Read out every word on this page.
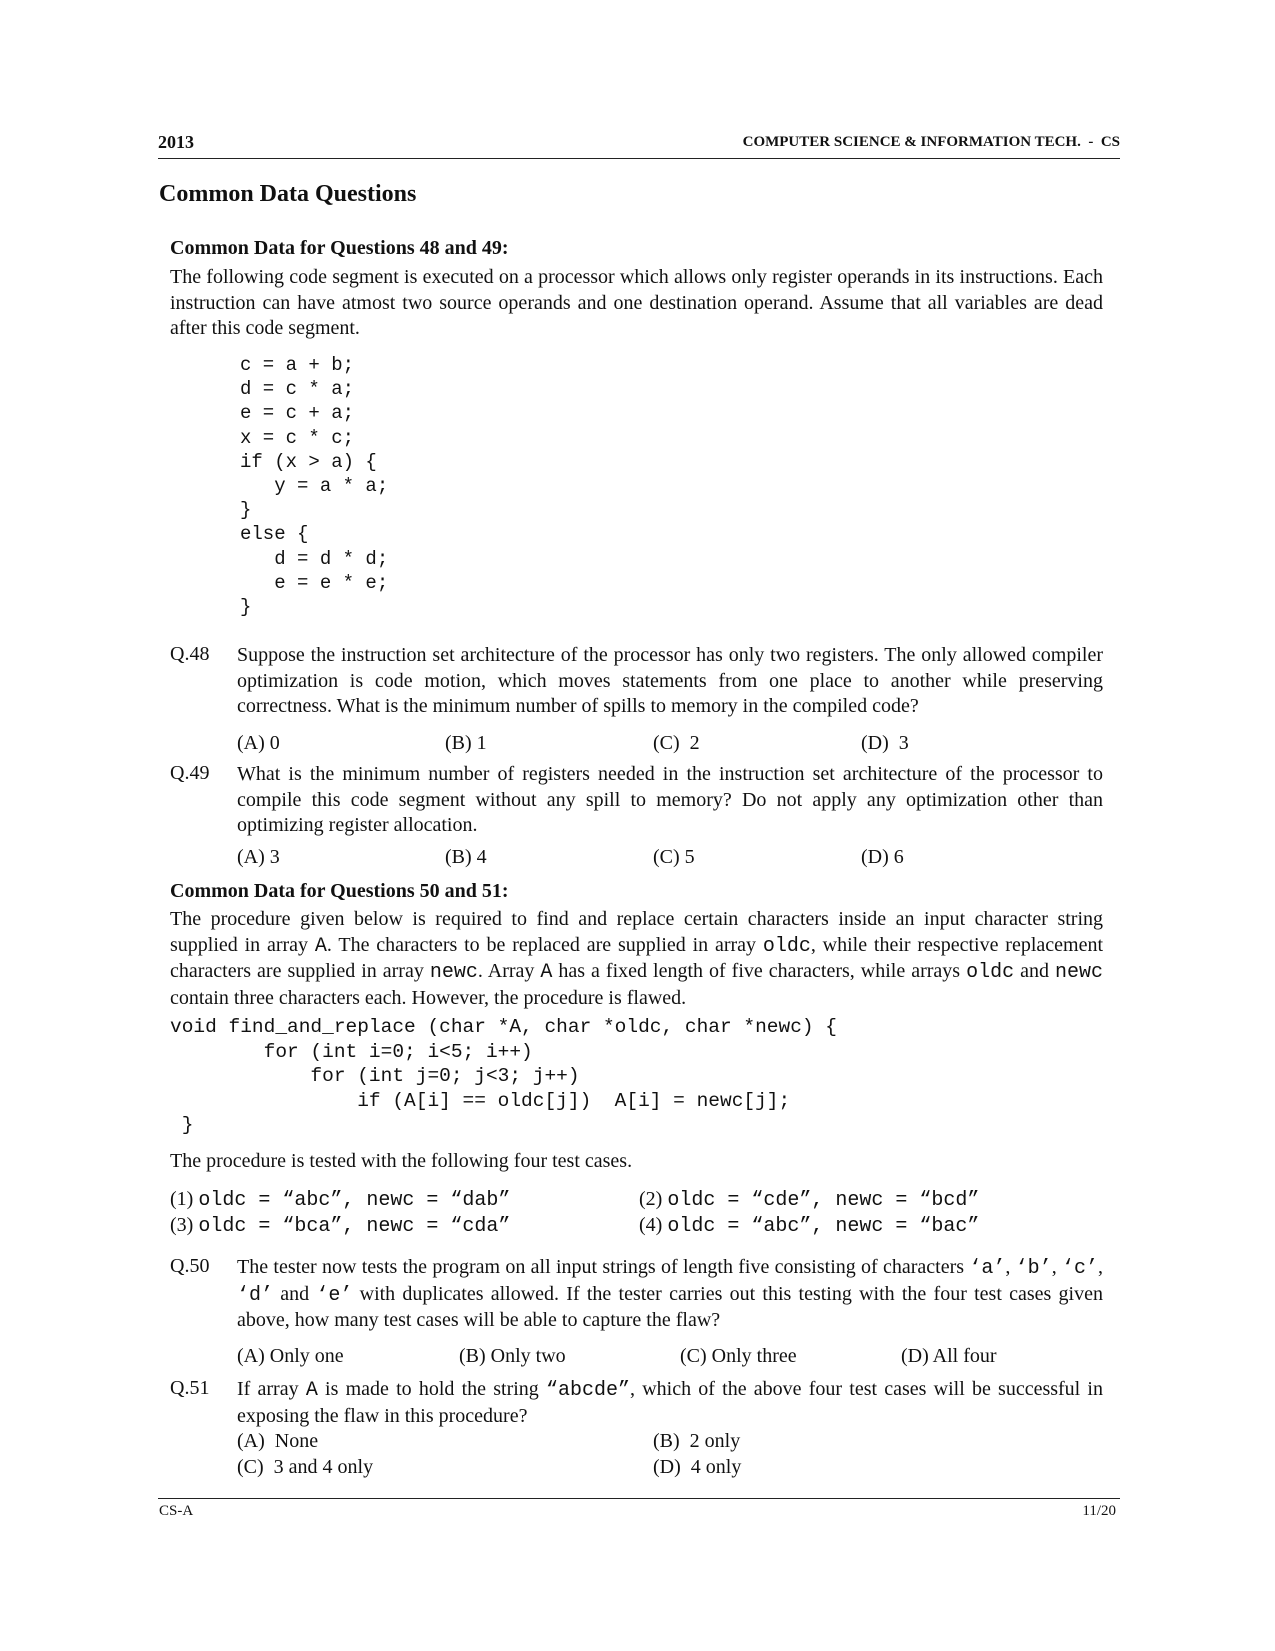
2013	COMPUTER SCIENCE & INFORMATION TECH.  -  CS
Common Data Questions
Common Data for Questions 48 and 49:
The following code segment is executed on a processor which allows only register operands in its instructions. Each instruction can have atmost two source operands and one destination operand. Assume that all variables are dead after this code segment.
c = a + b;
d = c * a;
e = c + a;
x = c * c;
if (x > a) {
y = a * a;
}
else {
d = d * d;
e = e * e;
}
Q.48 Suppose the instruction set architecture of the processor has only two registers. The only allowed compiler optimization is code motion, which moves statements from one place to another while preserving correctness. What is the minimum number of spills to memory in the compiled code?
(A) 0	(B) 1	(C)  2	(D)  3
Q.49 What is the minimum number of registers needed in the instruction set architecture of the processor to compile this code segment without any spill to memory? Do not apply any optimization other than optimizing register allocation.
(A) 3	(B) 4	(C) 5	(D) 6
Common Data for Questions 50 and 51:
The procedure given below is required to find and replace certain characters inside an input character string supplied in array A. The characters to be replaced are supplied in array oldc, while their respective replacement characters are supplied in array newc. Array A has a fixed length of five characters, while arrays oldc and newc contain three characters each. However, the procedure is flawed.
void find_and_replace (char *A, char *oldc, char *newc) {
for (int i=0; i<5; i++)
for (int j=0; j<3; j++)
if (A[i] == oldc[j])  A[i] = newc[j];
}
The procedure is tested with the following four test cases.
(1) oldc = “abc”, newc = “dab”	(2) oldc = “cde”, newc = “bcd”
(3) oldc = “bca”, newc = “cda”	(4) oldc = “abc”, newc = “bac”
Q.50 The tester now tests the program on all input strings of length five consisting of characters ‘a’, ‘b’, ‘c’, ‘d’ and ‘e’ with duplicates allowed. If the tester carries out this testing with the four test cases given above, how many test cases will be able to capture the flaw?
(A) Only one	(B) Only two	(C) Only three	(D) All four
Q.51 If array A is made to hold the string “abcde”, which of the above four test cases will be successful in exposing the flaw in this procedure?
(A)  None	(B)  2 only
(C)  3 and 4 only	(D)  4 only
CS-A	11/20
